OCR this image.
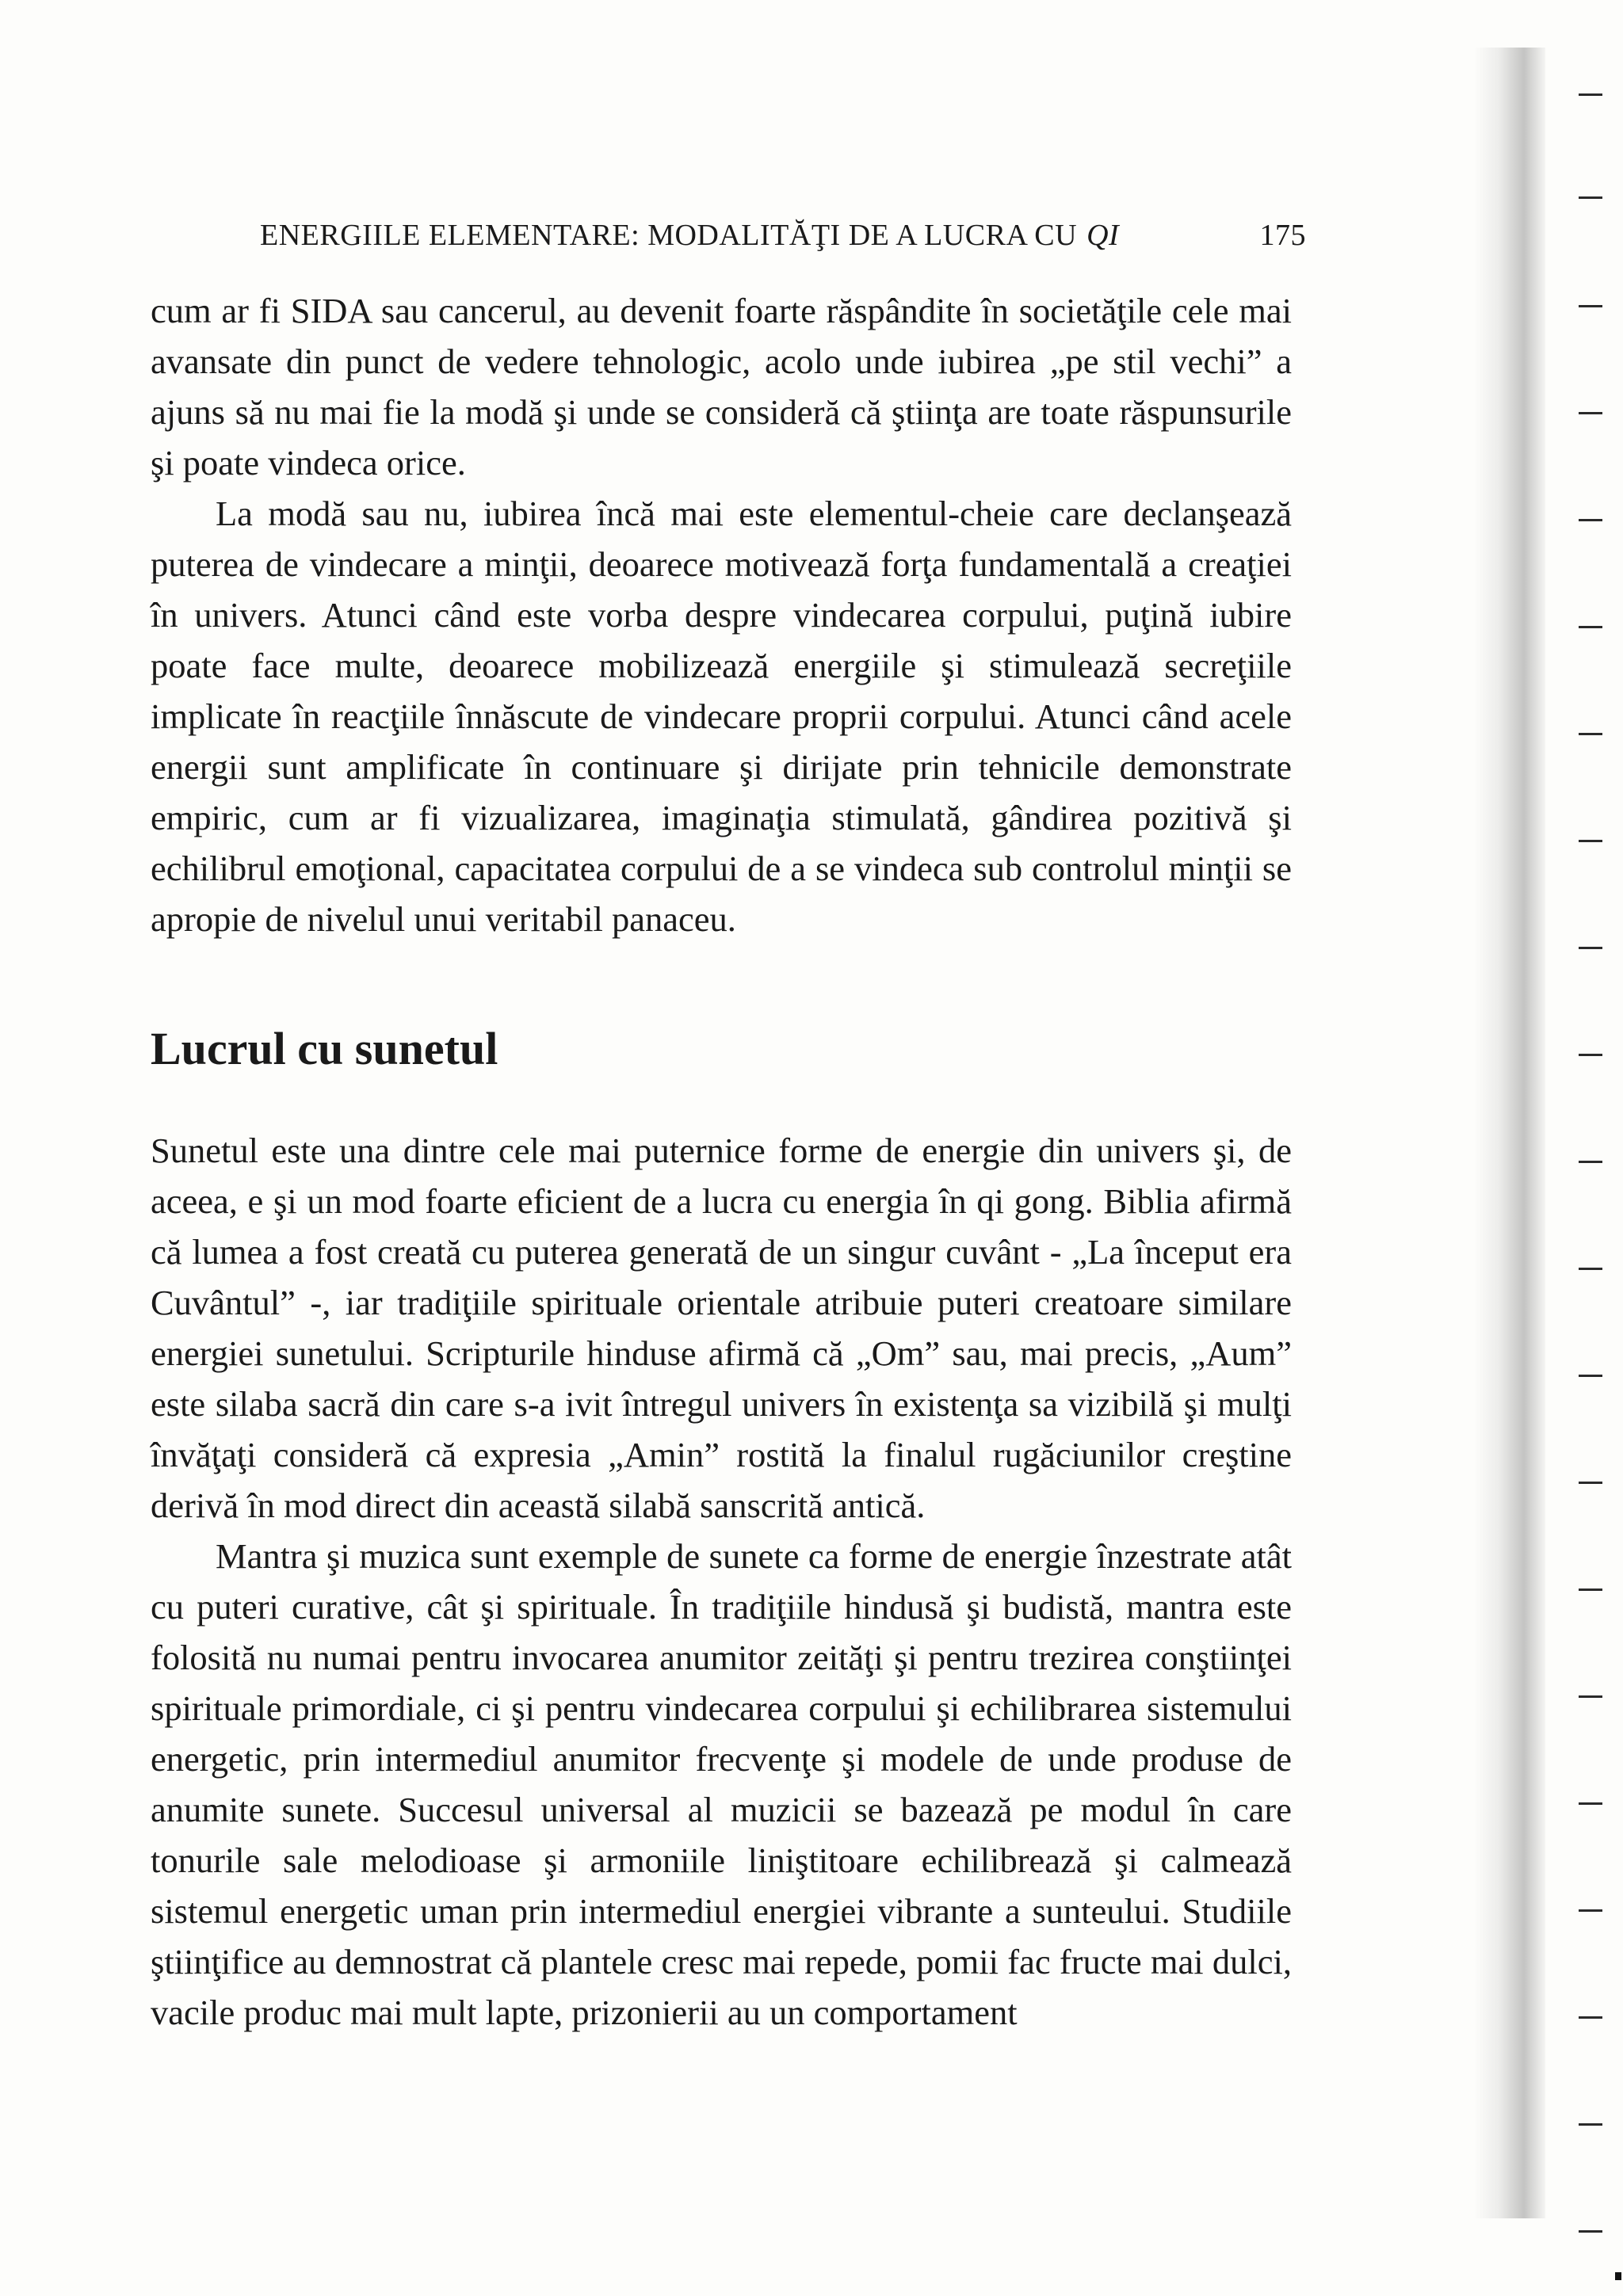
ENERGIILE ELEMENTARE: MODALITĂŢI DE A LUCRA CU QI	175

cum ar fi SIDA sau cancerul, au devenit foarte răspândite în societăţile cele mai avansate din punct de vedere tehnologic, acolo unde iubirea „pe stil vechi” a ajuns să nu mai fie la modă şi unde se consideră că ştiinţa are toate răspunsurile şi poate vindeca orice.

La modă sau nu, iubirea încă mai este elementul-cheie care declanşează puterea de vindecare a minţii, deoarece motivează forţa fundamentală a creaţiei în univers. Atunci când este vorba despre vindecarea corpului, puţină iubire poate face multe, deoarece mobilizează energiile şi stimulează secreţiile implicate în reacţiile înnăscute de vindecare proprii corpului. Atunci când acele energii sunt amplificate în continuare şi dirijate prin tehnicile demonstrate empiric, cum ar fi vizualizarea, imaginaţia stimulată, gândirea pozitivă şi echilibrul emoţional, capacitatea corpului de a se vindeca sub controlul minţii se apropie de nivelul unui veritabil panaceu.

Lucrul cu sunetul

Sunetul este una dintre cele mai puternice forme de energie din univers şi, de aceea, e şi un mod foarte eficient de a lucra cu energia în qi gong. Biblia afirmă că lumea a fost creată cu puterea generată de un singur cuvânt - „La început era Cuvântul” -, iar tradiţiile spirituale orientale atribuie puteri creatoare similare energiei sunetului. Scripturile hinduse afirmă că „Om” sau, mai precis, „Aum” este silaba sacră din care s-a ivit întregul univers în existenţa sa vizibilă şi mulţi învăţaţi consideră că expresia „Amin” rostită la finalul rugăciunilor creştine derivă în mod direct din această silabă sanscrită antică.

Mantra şi muzica sunt exemple de sunete ca forme de energie înzestrate atât cu puteri curative, cât şi spirituale. În tradiţiile hindusă şi budistă, mantra este folosită nu numai pentru invocarea anumitor zeităţi şi pentru trezirea conştiinţei spirituale primordiale, ci şi pentru vindecarea corpului şi echilibrarea sistemului energetic, prin intermediul anumitor frecvenţe şi modele de unde produse de anumite sunete. Succesul universal al muzicii se bazează pe modul în care tonurile sale melodioase şi armoniile liniştitoare echilibrează şi calmează sistemul energetic uman prin intermediul energiei vibrante a sunteului. Studiile ştiinţifice au demnostrat că plantele cresc mai repede, pomii fac fructe mai dulci, vacile produc mai mult lapte, prizonierii au un comportament
